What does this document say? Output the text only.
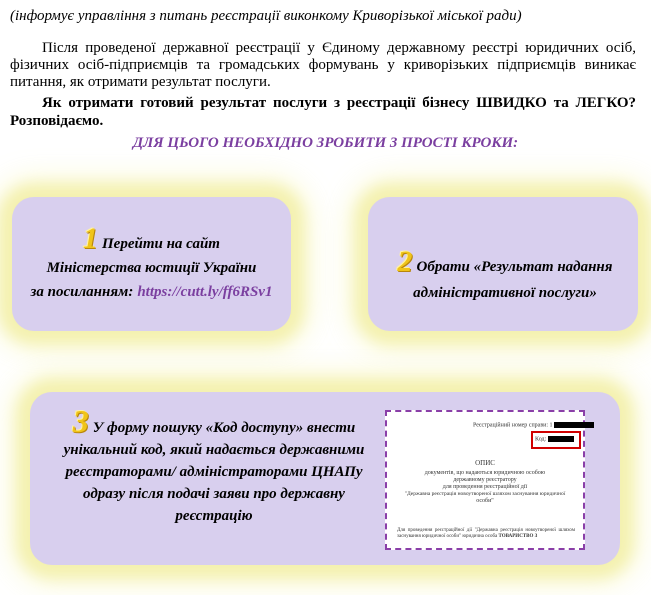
(інформує управління з питань реєстрації виконкому Криворізької міської ради)
Після проведеної державної реєстрації у Єдиному державному реєстрі юридичних осіб, фізичних осіб-підприємців та громадських формувань у криворізьких підприємців виникає питання, як отримати результат послуги.
Як отримати готовий результат послуги з реєстрації бізнесу ШВИДКО та ЛЕГКО? Розповідаємо.
ДЛЯ ЦЬОГО НЕОБХІДНО ЗРОБИТИ 3 ПРОСТІ КРОКИ:
1 Перейти на сайт
Міністерства юстиції України
за посиланням: https://cutt.ly/ff6RSv1
2 Обрати «Результат надання адміністративної послуги»
3 У форму пошуку «Код доступу» внести
унікальний код, який надається державними реєстраторами/ адміністраторами ЦНАПу одразу після подачі заяви про державну реєстрацію
Реєстраційний номер справи: 1
Код:
ОПИС
документів, що надаються юридичною особою
державному реєстратору
для проведення реєстраційної дії
"Державна реєстрація новоутвореної шляхом заснування юридичної
особи"
Для проведення реєстраційної дії "Державна реєстрація новоутвореної шляхом заснування юридичної особи" юридична особа ТОВАРИСТВО З
